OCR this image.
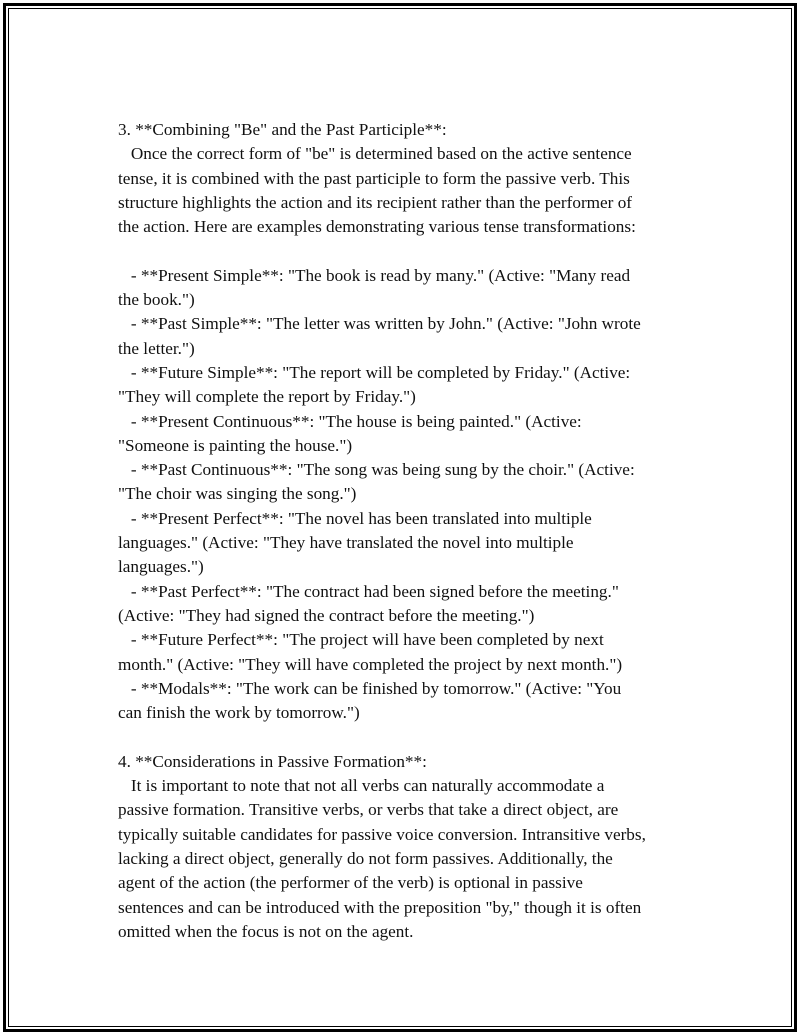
3. **Combining "Be" and the Past Participle**:
Once the correct form of "be" is determined based on the active sentence
tense, it is combined with the past participle to form the passive verb. This
structure highlights the action and its recipient rather than the performer of
the action. Here are examples demonstrating various tense transformations:
- **Present Simple**: "The book is read by many." (Active: "Many read
the book.")
- **Past Simple**: "The letter was written by John." (Active: "John wrote
the letter.")
- **Future Simple**: "The report will be completed by Friday." (Active:
"They will complete the report by Friday.")
- **Present Continuous**: "The house is being painted." (Active:
"Someone is painting the house.")
- **Past Continuous**: "The song was being sung by the choir." (Active:
"The choir was singing the song.")
- **Present Perfect**: "The novel has been translated into multiple
languages." (Active: "They have translated the novel into multiple
languages.")
- **Past Perfect**: "The contract had been signed before the meeting."
(Active: "They had signed the contract before the meeting.")
- **Future Perfect**: "The project will have been completed by next
month." (Active: "They will have completed the project by next month.")
- **Modals**: "The work can be finished by tomorrow." (Active: "You
can finish the work by tomorrow.")
4. **Considerations in Passive Formation**:
It is important to note that not all verbs can naturally accommodate a
passive formation. Transitive verbs, or verbs that take a direct object, are
typically suitable candidates for passive voice conversion. Intransitive verbs,
lacking a direct object, generally do not form passives. Additionally, the
agent of the action (the performer of the verb) is optional in passive
sentences and can be introduced with the preposition "by," though it is often
omitted when the focus is not on the agent.
